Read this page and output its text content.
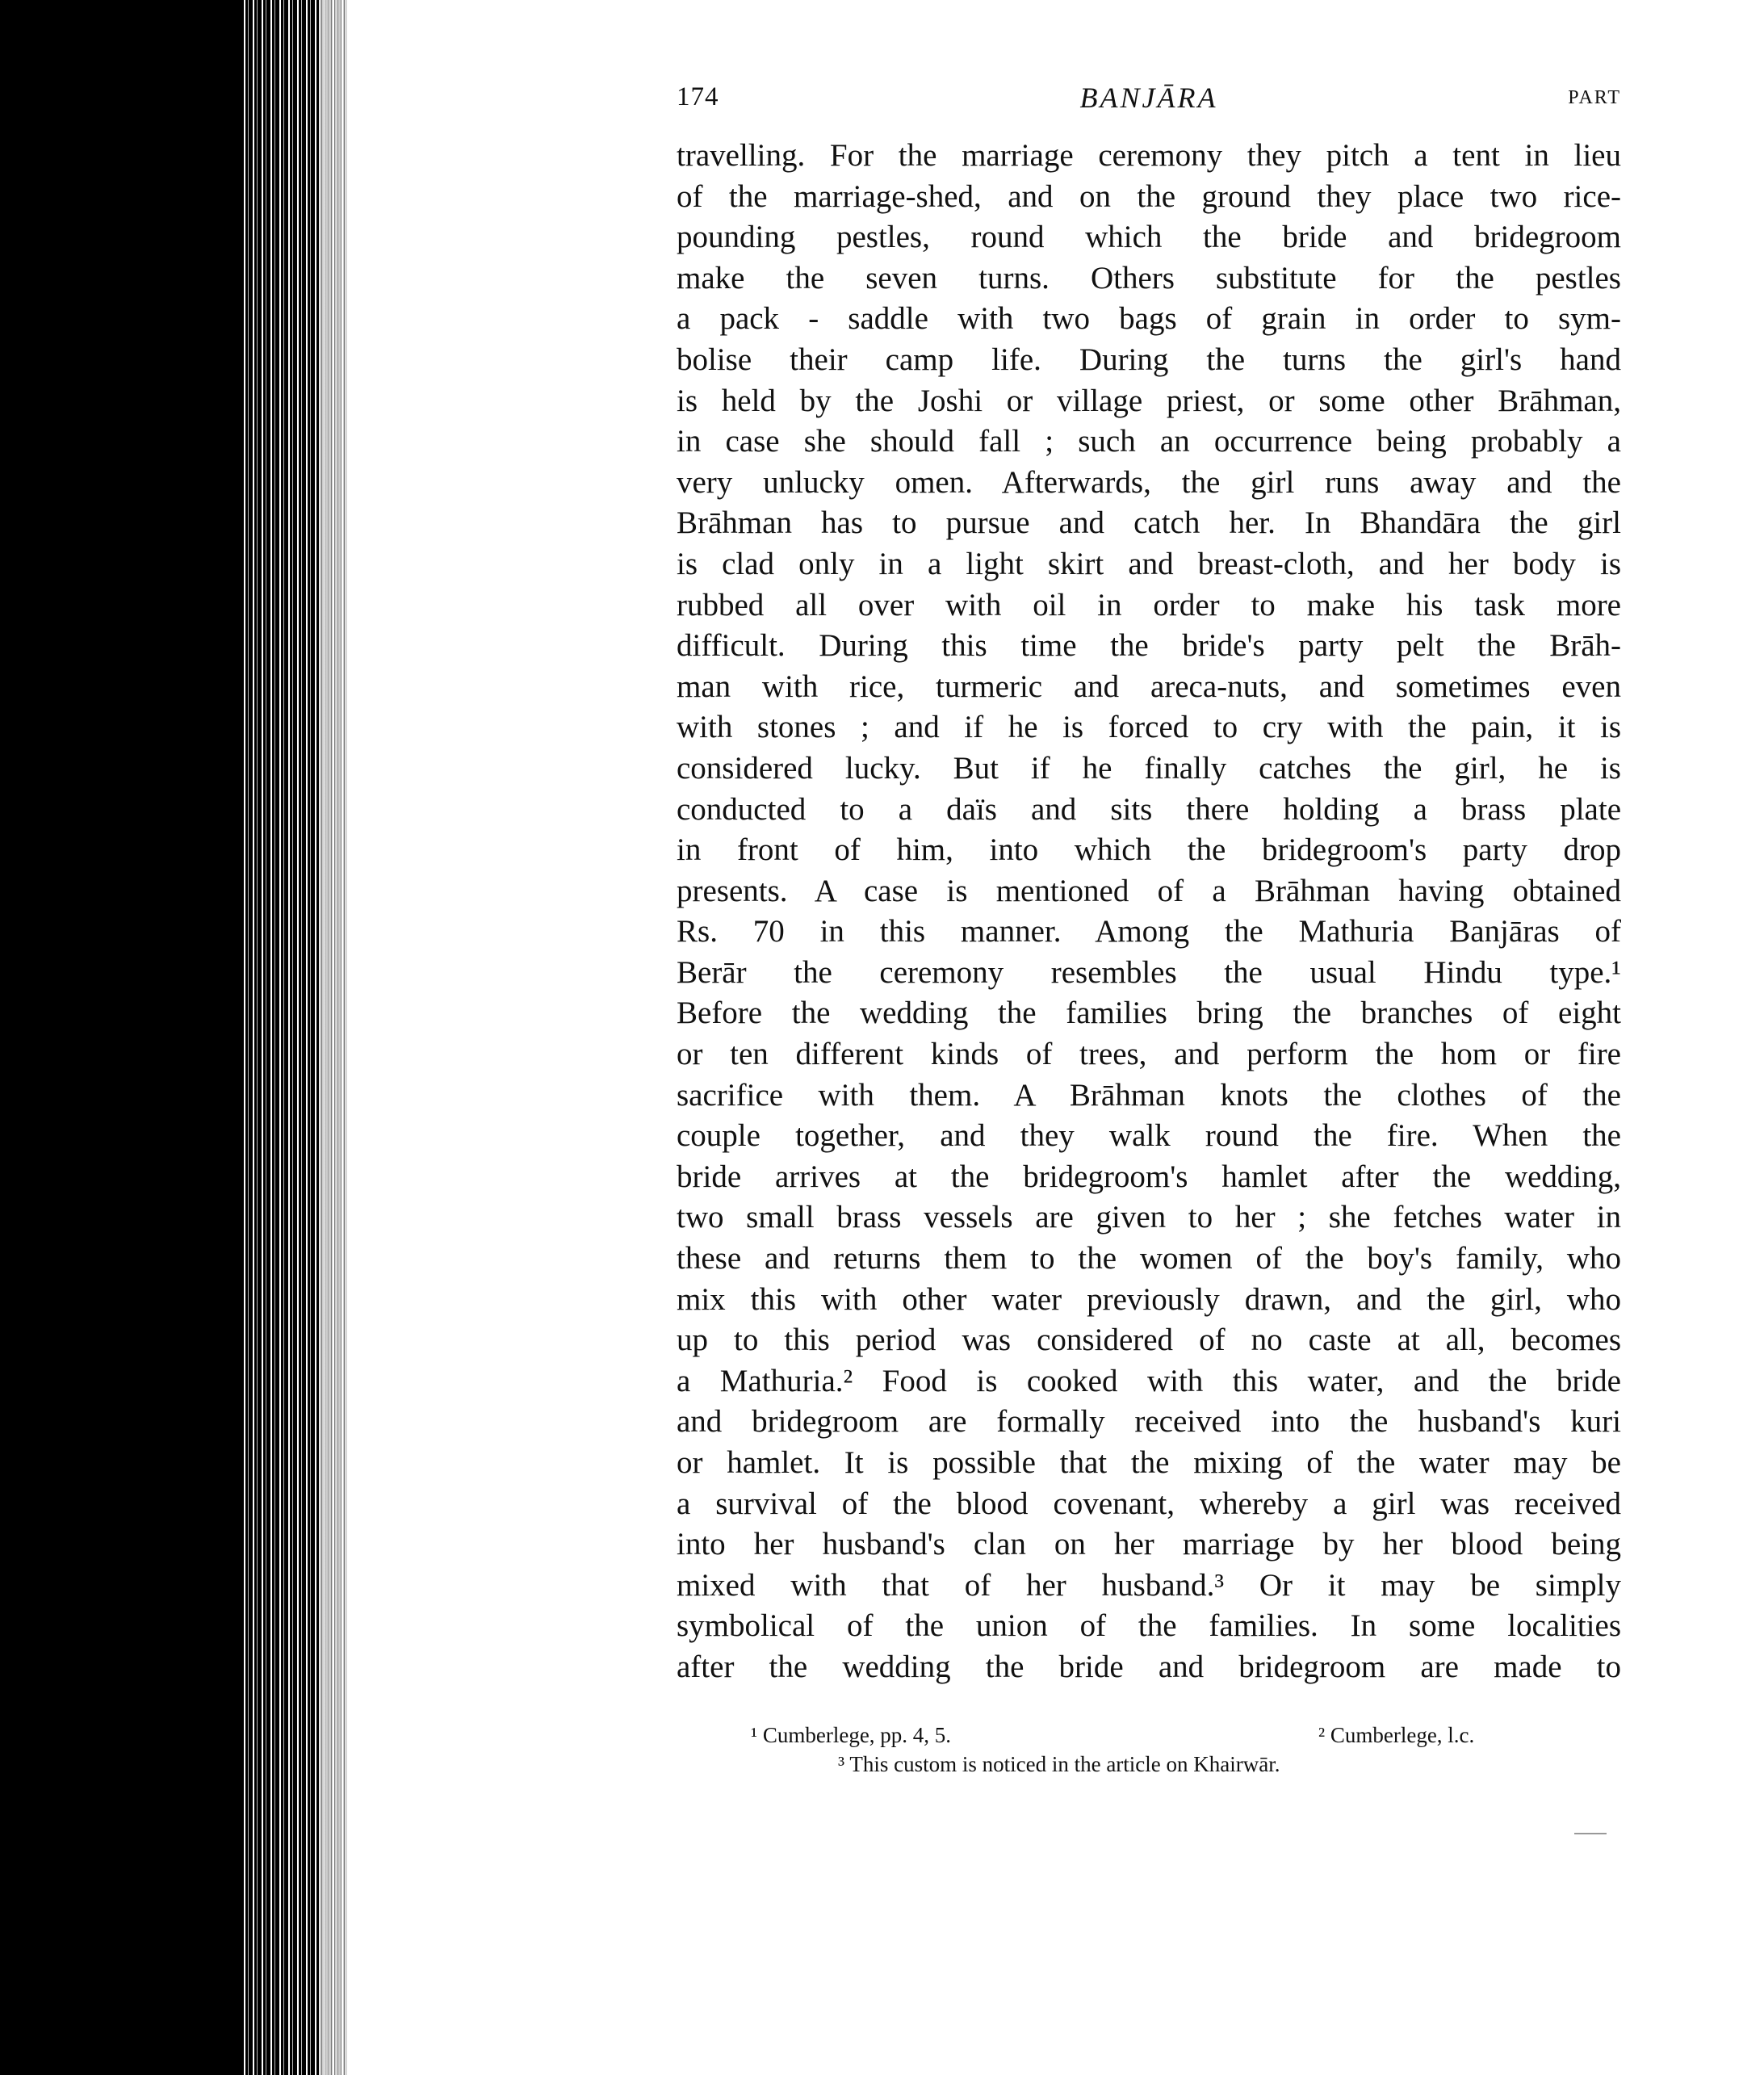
174	BANJĀRA	PART
travelling. For the marriage ceremony they pitch a tent in lieu
of the marriage-shed, and on the ground they place two rice-
pounding pestles, round which the bride and bridegroom
make the seven turns. Others substitute for the pestles
a pack - saddle with two bags of grain in order to sym-
bolise their camp life. During the turns the girl's hand
is held by the Joshi or village priest, or some other Brāhman,
in case she should fall ; such an occurrence being probably a
very unlucky omen. Afterwards, the girl runs away and the
Brāhman has to pursue and catch her. In Bhandāra the girl
is clad only in a light skirt and breast-cloth, and her body is
rubbed all over with oil in order to make his task more
difficult. During this time the bride's party pelt the Brāh-
man with rice, turmeric and areca-nuts, and sometimes even
with stones ; and if he is forced to cry with the pain, it is
considered lucky. But if he finally catches the girl, he is
conducted to a daïs and sits there holding a brass plate
in front of him, into which the bridegroom's party drop
presents. A case is mentioned of a Brāhman having obtained
Rs. 70 in this manner. Among the Mathuria Banjāras of
Berār the ceremony resembles the usual Hindu type.¹
Before the wedding the families bring the branches of eight
or ten different kinds of trees, and perform the hom or fire
sacrifice with them. A Brāhman knots the clothes of the
couple together, and they walk round the fire. When the
bride arrives at the bridegroom's hamlet after the wedding,
two small brass vessels are given to her ; she fetches water in
these and returns them to the women of the boy's family, who
mix this with other water previously drawn, and the girl, who
up to this period was considered of no caste at all, becomes
a Mathuria.² Food is cooked with this water, and the bride
and bridegroom are formally received into the husband's kuri
or hamlet. It is possible that the mixing of the water may be
a survival of the blood covenant, whereby a girl was received
into her husband's clan on her marriage by her blood being
mixed with that of her husband.³ Or it may be simply
symbolical of the union of the families. In some localities
after the wedding the bride and bridegroom are made to
¹ Cumberlege, pp. 4, 5.	² Cumberlege, l.c.
³ This custom is noticed in the article on Khairwār.
